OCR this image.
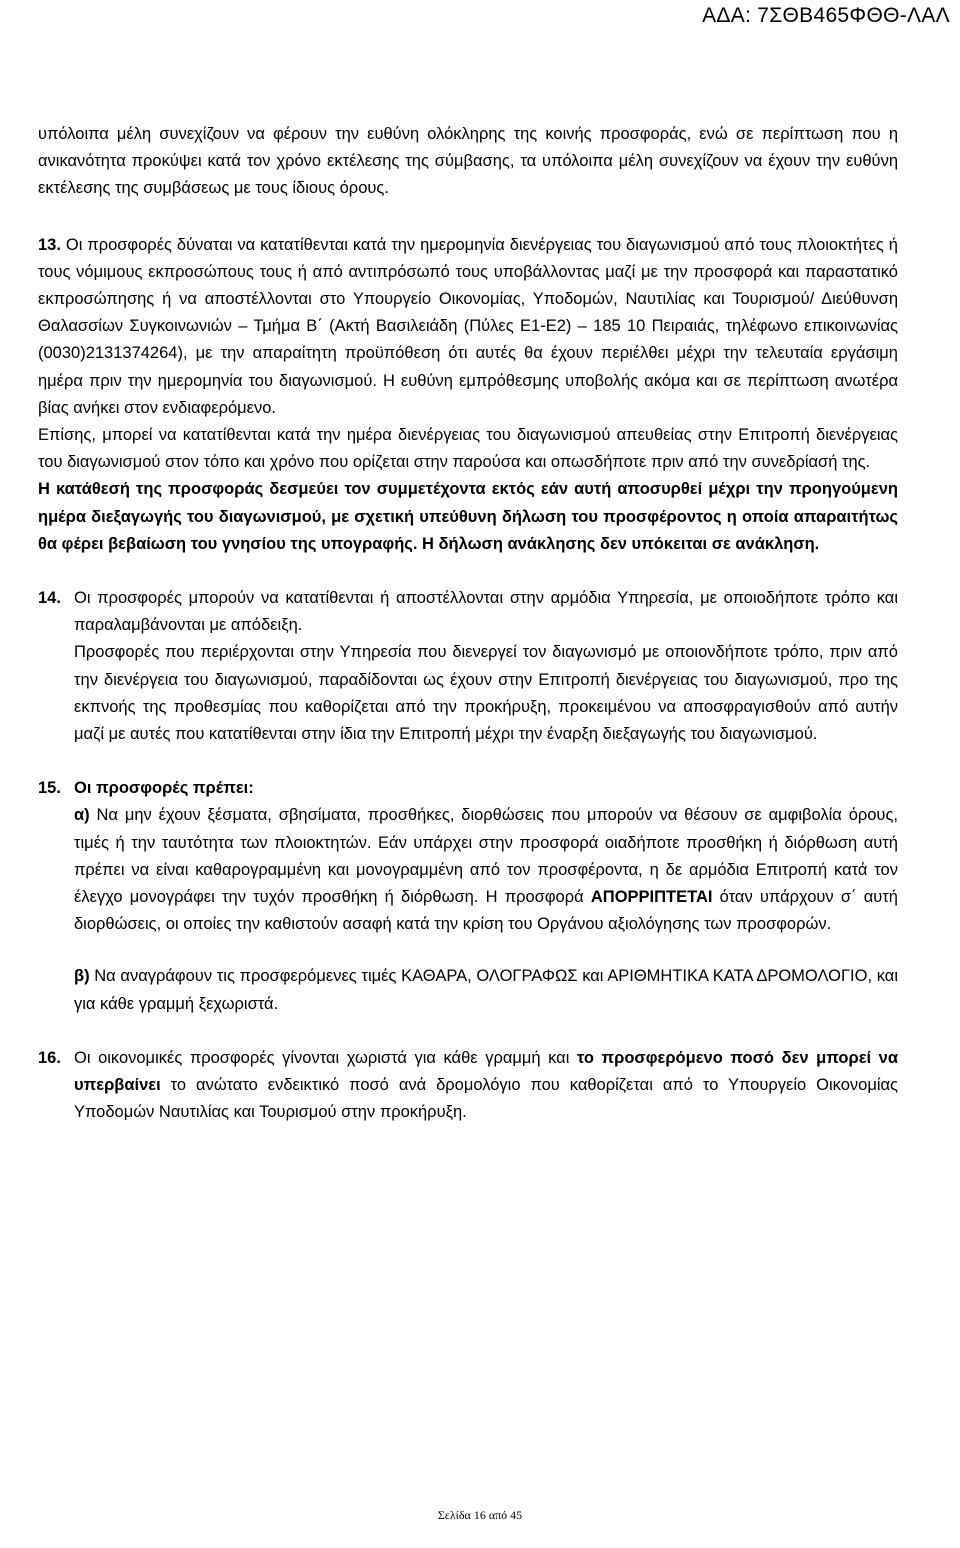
ΑΔΑ: 7ΣΘΒ465ΦΘΘ-ΛΑΛ

υπόλοιπα μέλη συνεχίζουν να φέρουν την ευθύνη ολόκληρης της κοινής προσφοράς, ενώ σε περίπτωση που η ανικανότητα προκύψει κατά τον χρόνο εκτέλεσης της σύμβασης, τα υπόλοιπα μέλη συνεχίζουν να έχουν την ευθύνη εκτέλεσης της συμβάσεως με τους ίδιους όρους.

13. Οι προσφορές δύναται να κατατίθενται κατά την ημερομηνία διενέργειας του διαγωνισμού από τους πλοιοκτήτες ή τους νόμιμους εκπροσώπους τους ή από αντιπρόσωπό τους υποβάλλοντας μαζί με την προσφορά και παραστατικό εκπροσώπησης ή να αποστέλλονται στο Υπουργείο Οικονομίας, Υποδομών, Ναυτιλίας και Τουρισμού/ Διεύθυνση Θαλασσίων Συγκοινωνιών – Τμήμα Β΄ (Ακτή Βασιλειάδη (Πύλες Ε1-Ε2) – 185 10 Πειραιάς, τηλέφωνο επικοινωνίας (0030)2131374264), με την απαραίτητη προϋπόθεση ότι αυτές θα έχουν περιέλθει μέχρι την τελευταία εργάσιμη ημέρα πριν την ημερομηνία του διαγωνισμού. Η ευθύνη εμπρόθεσμης υποβολής ακόμα και σε περίπτωση ανωτέρα βίας ανήκει στον ενδιαφερόμενο.

Επίσης, μπορεί να κατατίθενται κατά την ημέρα διενέργειας του διαγωνισμού απευθείας στην Επιτροπή διενέργειας του διαγωνισμού στον τόπο και χρόνο που ορίζεται στην παρούσα και οπωσδήποτε πριν από την συνεδρίασή της.

Η κατάθεσή της προσφοράς δεσμεύει τον συμμετέχοντα εκτός εάν αυτή αποσυρθεί μέχρι την προηγούμενη ημέρα διεξαγωγής του διαγωνισμού, με σχετική υπεύθυνη δήλωση του προσφέροντος η οποία απαραιτήτως θα φέρει βεβαίωση του γνησίου της υπογραφής. Η δήλωση ανάκλησης δεν υπόκειται σε ανάκληση.

14. Οι προσφορές μπορούν να κατατίθενται ή αποστέλλονται στην αρμόδια Υπηρεσία, με οποιοδήποτε τρόπο και παραλαμβάνονται με απόδειξη.

Προσφορές που περιέρχονται στην Υπηρεσία που διενεργεί τον διαγωνισμό με οποιονδήποτε τρόπο, πριν από την διενέργεια του διαγωνισμού, παραδίδονται ως έχουν στην Επιτροπή διενέργειας του διαγωνισμού, προ της εκπνοής της προθεσμίας που καθορίζεται από την προκήρυξη, προκειμένου να αποσφραγισθούν από αυτήν μαζί με αυτές που κατατίθενται στην ίδια την Επιτροπή μέχρι την έναρξη διεξαγωγής του διαγωνισμού.

15. Οι προσφορές πρέπει:

α) Να μην έχουν ξέσματα, σβησίματα, προσθήκες, διορθώσεις που μπορούν να θέσουν σε αμφιβολία όρους, τιμές ή την ταυτότητα των πλοιοκτητών. Εάν υπάρχει στην προσφορά οιαδήποτε προσθήκη ή διόρθωση αυτή πρέπει να είναι καθαρογραμμένη και μονογραμμένη από τον προσφέροντα, η δε αρμόδια Επιτροπή κατά τον έλεγχο μονογράφει την τυχόν προσθήκη ή διόρθωση. Η προσφορά ΑΠΟΡΡΙΠΤΕΤΑΙ όταν υπάρχουν σ΄ αυτή διορθώσεις, οι οποίες την καθιστούν ασαφή κατά την κρίση του Οργάνου αξιολόγησης των προσφορών.

β) Να αναγράφουν τις προσφερόμενες τιμές ΚΑΘΑΡΑ, ΟΛΟΓΡΑΦΩΣ και ΑΡΙΘΜΗΤΙΚΑ ΚΑΤΑ ΔΡΟΜΟΛΟΓΙΟ, και για κάθε γραμμή ξεχωριστά.

16. Οι οικονομικές προσφορές γίνονται χωριστά για κάθε γραμμή και το προσφερόμενο ποσό δεν μπορεί να υπερβαίνει το ανώτατο ενδεικτικό ποσό ανά δρομολόγιο που καθορίζεται από το Υπουργείο Οικονομίας Υποδομών Ναυτιλίας και Τουρισμού στην προκήρυξη.

Σελίδα 16 από 45
